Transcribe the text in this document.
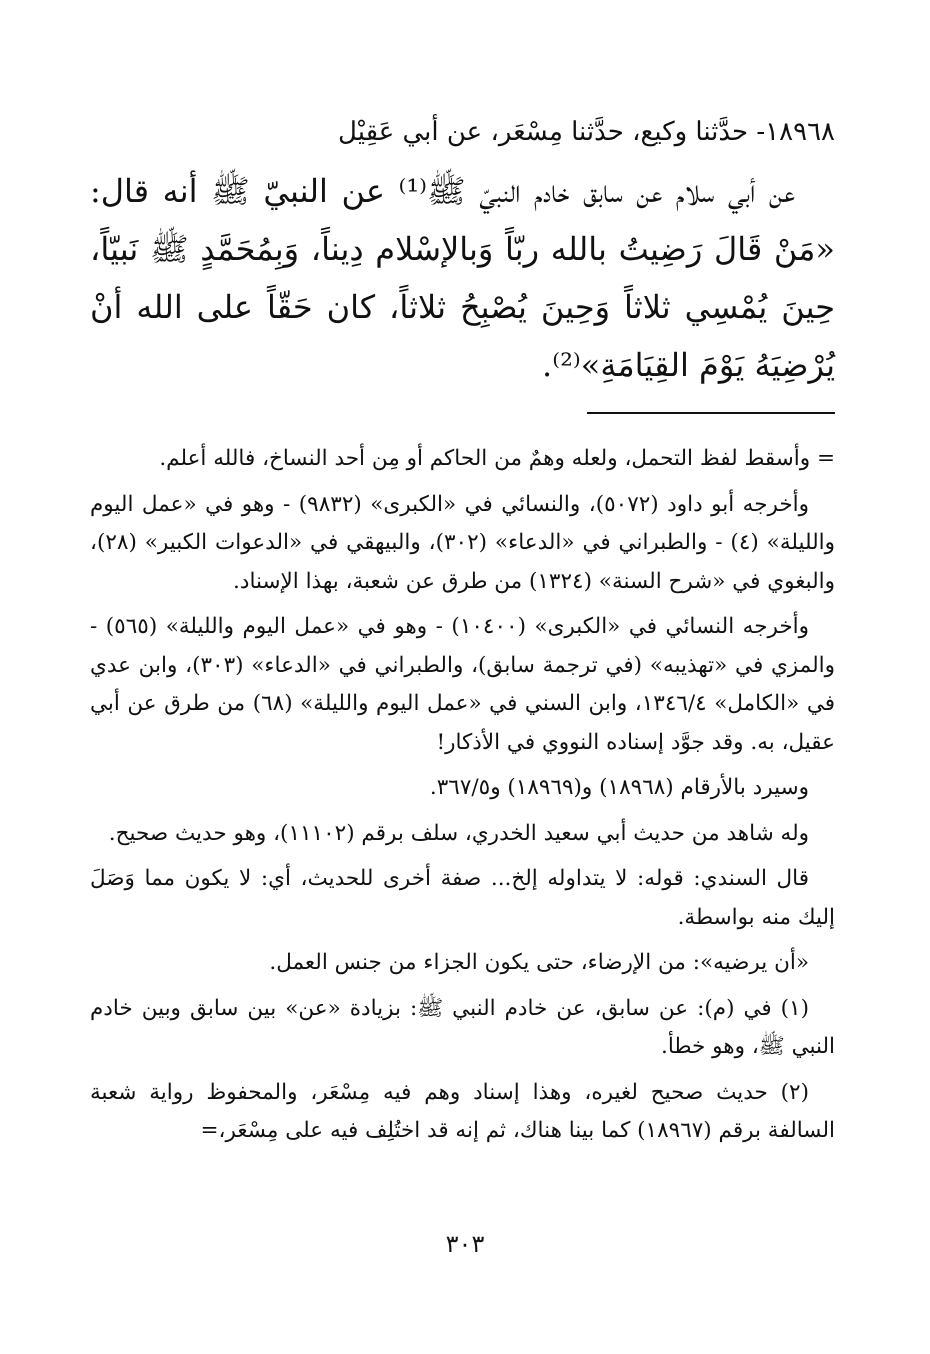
١٨٩٦٨- حدَّثنا وكيع، حدَّثنا مِسْعَر، عن أبي عَقِيْل

عن أبي سلام عن سابق خادم النبيّ ﷺ⁽¹⁾ عن النبيّ ﷺ أنه قال: «مَنْ قَالَ رَضِيتُ بالله ربّاً وَبالإسْلام دِيناً، وَبِمُحَمَّدٍ ﷺ نَبيّاً، حِينَ يُمْسِي ثلاثاً وَحِينَ يُصْبِحُ ثلاثاً، كان حَقّاً على الله أنْ يُرْضِيَهُ يَوْمَ القِيَامَةِ»⁽²⁾.

= وأسقط لفظ التحمل، ولعله وهمٌ من الحاكم أو مِن أحد النساخ، فالله أعلم.

وأخرجه أبو داود (٥٠٧٢)، والنسائي في «الكبرى» (٩٨٣٢) - وهو في «عمل اليوم والليلة» (٤) - والطبراني في «الدعاء» (٣٠٢)، والبيهقي في «الدعوات الكبير» (٢٨)، والبغوي في «شرح السنة» (١٣٢٤) من طرق عن شعبة، بهذا الإسناد.

وأخرجه النسائي في «الكبرى» (١٠٤٠٠) - وهو في «عمل اليوم والليلة» (٥٦٥) - والمزي في «تهذيبه» (في ترجمة سابق)، والطبراني في «الدعاء» (٣٠٣)، وابن عدي في «الكامل» ١٣٤٦/٤، وابن السني في «عمل اليوم والليلة» (٦٨) من طرق عن أبي عقيل، به. وقد جوَّد إسناده النووي في الأذكار!

وسيرد بالأرقام (١٨٩٦٨) و(١٨٩٦٩) و٣٦٧/٥.

وله شاهد من حديث أبي سعيد الخدري، سلف برقم (١١١٠٢)، وهو حديث صحيح.

قال السندي: قوله: لا يتداوله إلخ... صفة أخرى للحديث، أي: لا يكون مما وَصَلَ إليك منه بواسطة.

«أن يرضيه»: من الإرضاء، حتى يكون الجزاء من جنس العمل.

(١) في (م): عن سابق، عن خادم النبي ﷺ: بزيادة «عن» بين سابق وبين خادم النبي ﷺ، وهو خطأ.

(٢) حديث صحيح لغيره، وهذا إسناد وهم فيه مِسْعَر، والمحفوظ رواية شعبة السالفة برقم (١٨٩٦٧) كما بينا هناك، ثم إنه قد اختُلِف فيه على مِسْعَر،=

٣٠٣
